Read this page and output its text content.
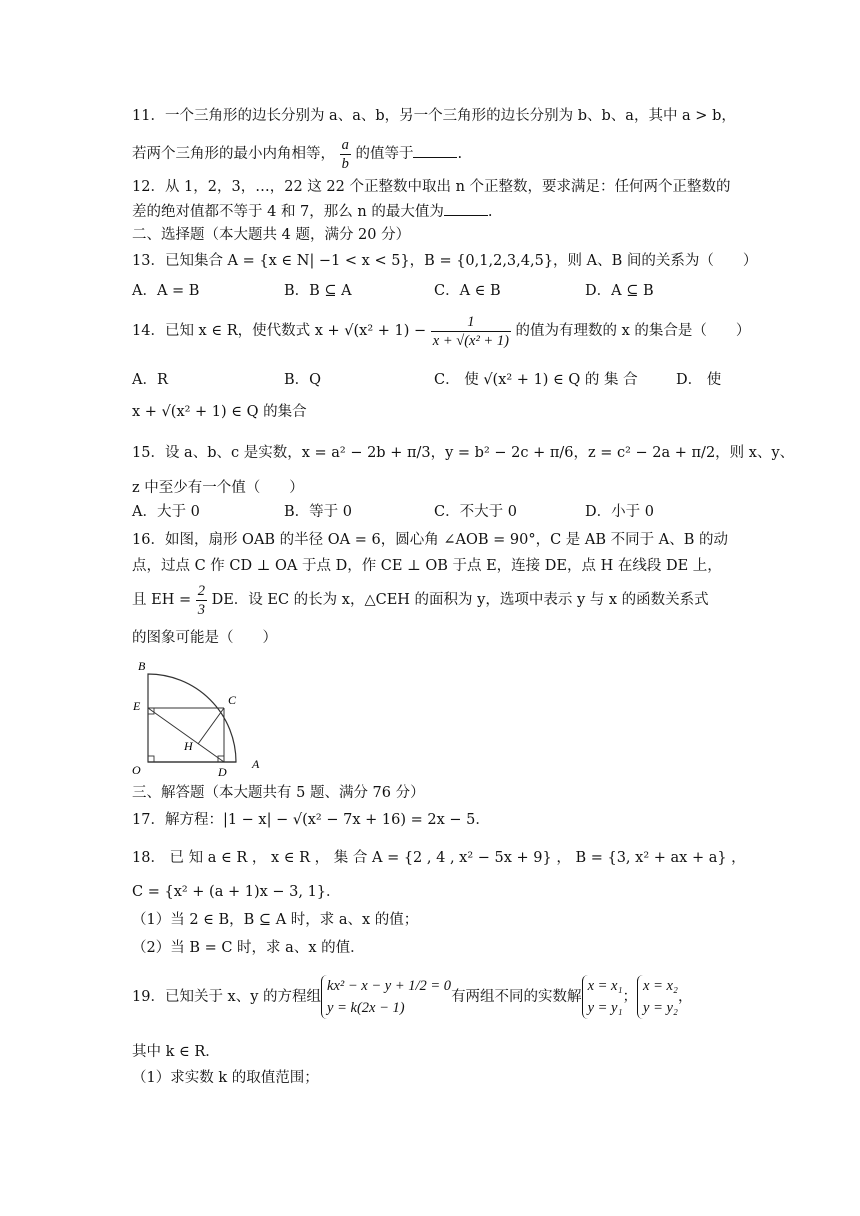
11．一个三角形的边长分别为 a、a、b，另一个三角形的边长分别为 b、b、a，其中 a > b，
若两个三角形的最小内角相等， $\frac{a}{b}$ 的值等于	.
12．从 1，2，3，…，22 这 22 个正整数中取出 n 个正整数，要求满足：任何两个正整数的
差的绝对值都不等于 4 和 7，那么 n 的最大值为	.
二、选择题（本大题共 4 题，满分 20 分）
13．已知集合 A = {x ∈ N| −1 < x < 5}，B = {0,1,2,3,4,5}，则 A、B 间的关系为（　　）
A．A = B	B．B ⊆ A	C．A ∈ B	D．A ⊆ B
14．已知 x ∈ R，使代数式 $x + √(x^2 + 1) - \frac{1}{\text{x + √(x² + 1)}}$ 的值为有理数的 x 的集合是（　　）
A．R	B．Q	C． 使 √(x² + 1) ∈ Q 的 集 合	D． 使
x + √(x² + 1) ∈ Q 的集合
15．设 a、b、c 是实数，x = a² − 2b + π/3，y = b² − 2c + π/6，z = c² − 2a + π/2，则 x、y、
z 中至少有一个值（　　）
A．大于 0	B．等于 0	C．不大于 0	D．小于 0
16．如图，扇形 OAB 的半径 OA = 6，圆心角 ∠AOB = 90°，C 是 AB 不同于 A、B 的动
点，过点 C 作 CD ⊥ OA 于点 D，作 CE ⊥ OB 于点 E，连接 DE，点 H 在线段 DE 上，
且 EH = $\frac{2}{3}$ DE．设 EC 的长为 x，△CEH 的面积为 y，选项中表示 y 与 x 的函数关系式
的图象可能是（　　）
B
E	C
H
O	D
A
三、解答题（本大题共有 5 题、满分 76 分）
17．解方程：|1 − x| − √(x² − 7x + 16) = 2x − 5．
18． 已 知 a ∈ R ， x ∈ R ， 集 合 A = {2 , 4 , x² − 5x + 9} ， B = {3, x² + ax + a} ，
C = {x² + (a + 1)x − 3, 1}．
（1）当 2 ∈ B，B ⊆ A 时，求 a、x 的值；
（2）当 B = C 时，求 a、x 的值．
19．已知关于 x、y 的方程组
kx² − x − y + 1/2 = 0
y = k(2x − 1)
有两组不同的实数解
x = x₁
y = y₁
；
x = x₂
y = y₂
，
其中 k ∈ R．
（1）求实数 k 的取值范围；
